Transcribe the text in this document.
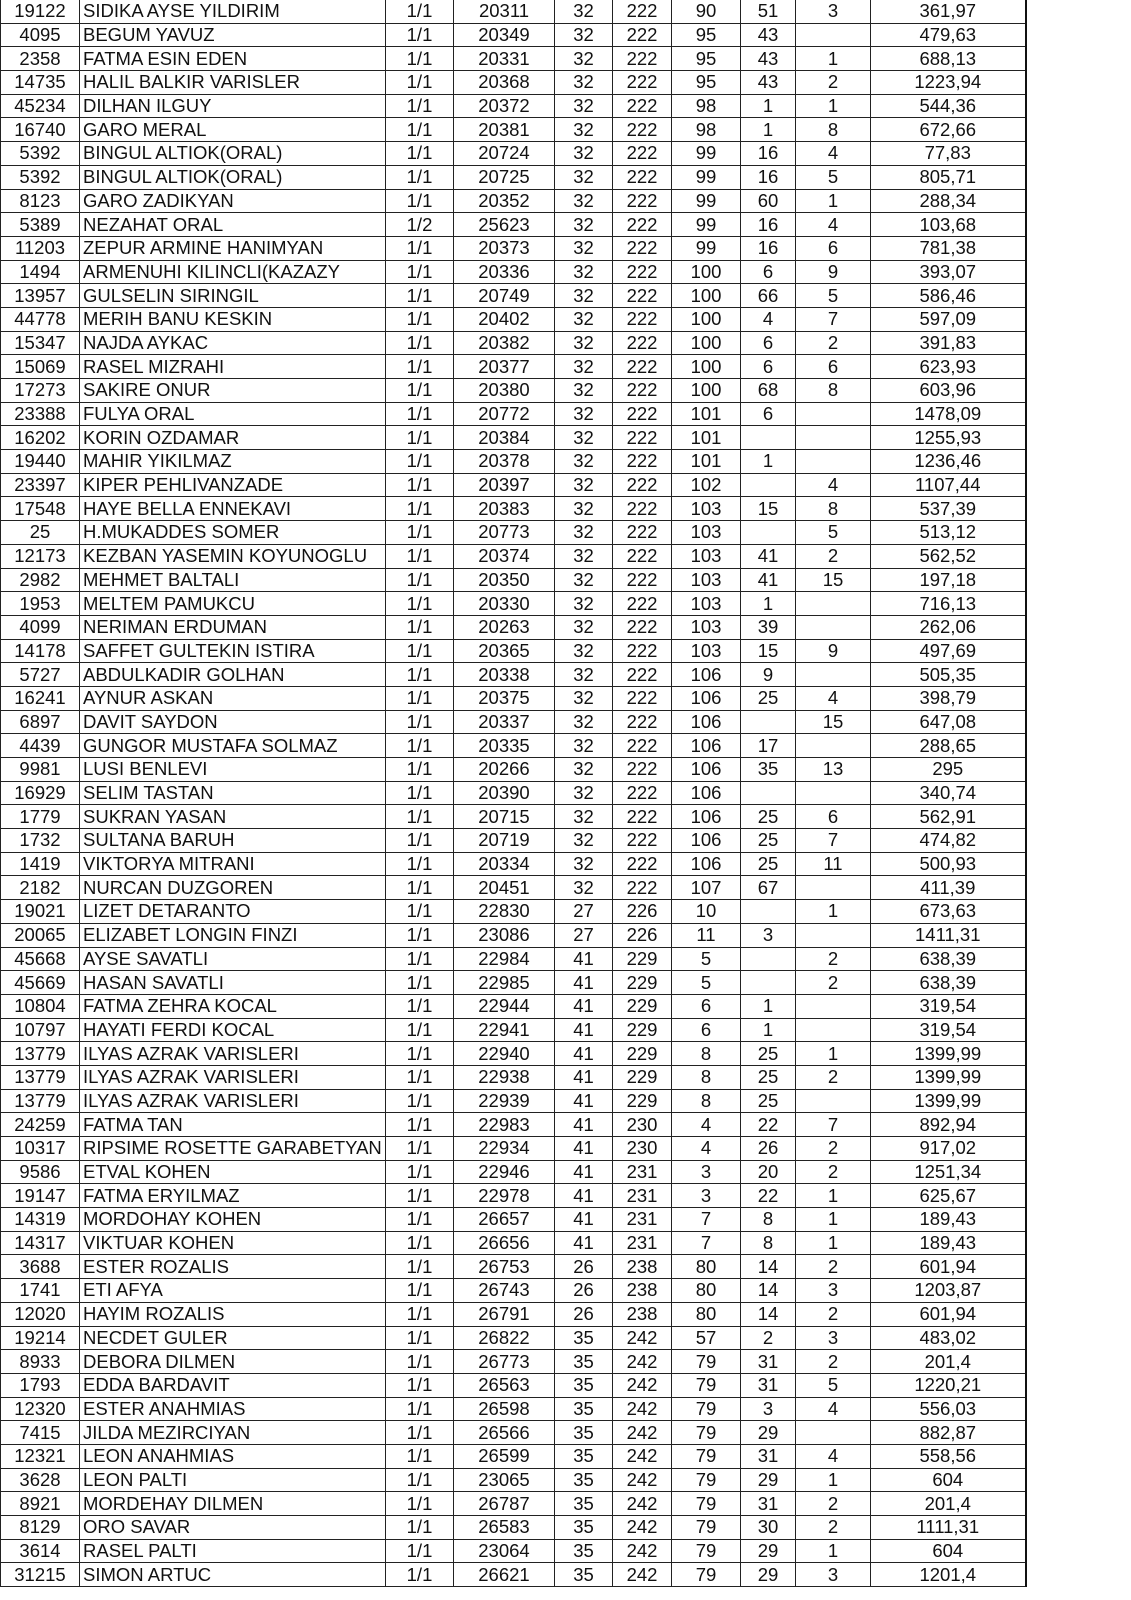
19122	SIDIKA AYSE YILDIRIM	1/1	20311	32	222	90	51	3	361,97
4095	BEGUM YAVUZ	1/1	20349	32	222	95	43		479,63
2358	FATMA ESIN EDEN	1/1	20331	32	222	95	43	1	688,13
14735	HALIL BALKIR VARISLER	1/1	20368	32	222	95	43	2	1223,94
45234	DILHAN ILGUY	1/1	20372	32	222	98	1	1	544,36
16740	GARO MERAL	1/1	20381	32	222	98	1	8	672,66
5392	BINGUL ALTIOK(ORAL)	1/1	20724	32	222	99	16	4	77,83
5392	BINGUL ALTIOK(ORAL)	1/1	20725	32	222	99	16	5	805,71
8123	GARO ZADIKYAN	1/1	20352	32	222	99	60	1	288,34
5389	NEZAHAT ORAL	1/2	25623	32	222	99	16	4	103,68
11203	ZEPUR ARMINE HANIMYAN	1/1	20373	32	222	99	16	6	781,38
1494	ARMENUHI KILINCLI(KAZAZY	1/1	20336	32	222	100	6	9	393,07
13957	GULSELIN SIRINGIL	1/1	20749	32	222	100	66	5	586,46
44778	MERIH BANU KESKIN	1/1	20402	32	222	100	4	7	597,09
15347	NAJDA AYKAC	1/1	20382	32	222	100	6	2	391,83
15069	RASEL MIZRAHI	1/1	20377	32	222	100	6	6	623,93
17273	SAKIRE ONUR	1/1	20380	32	222	100	68	8	603,96
23388	FULYA ORAL	1/1	20772	32	222	101	6		1478,09
16202	KORIN OZDAMAR	1/1	20384	32	222	101			1255,93
19440	MAHIR YIKILMAZ	1/1	20378	32	222	101	1		1236,46
23397	KIPER PEHLIVANZADE	1/1	20397	32	222	102		4	1107,44
17548	HAYE BELLA ENNEKAVI	1/1	20383	32	222	103	15	8	537,39
25	H.MUKADDES SOMER	1/1	20773	32	222	103		5	513,12
12173	KEZBAN YASEMIN KOYUNOGLU	1/1	20374	32	222	103	41	2	562,52
2982	MEHMET BALTALI	1/1	20350	32	222	103	41	15	197,18
1953	MELTEM PAMUKCU	1/1	20330	32	222	103	1		716,13
4099	NERIMAN ERDUMAN	1/1	20263	32	222	103	39		262,06
14178	SAFFET GULTEKIN ISTIRA	1/1	20365	32	222	103	15	9	497,69
5727	ABDULKADIR GOLHAN	1/1	20338	32	222	106	9		505,35
16241	AYNUR ASKAN	1/1	20375	32	222	106	25	4	398,79
6897	DAVIT SAYDON	1/1	20337	32	222	106		15	647,08
4439	GUNGOR MUSTAFA SOLMAZ	1/1	20335	32	222	106	17		288,65
9981	LUSI BENLEVI	1/1	20266	32	222	106	35	13	295
16929	SELIM TASTAN	1/1	20390	32	222	106			340,74
1779	SUKRAN YASAN	1/1	20715	32	222	106	25	6	562,91
1732	SULTANA BARUH	1/1	20719	32	222	106	25	7	474,82
1419	VIKTORYA MITRANI	1/1	20334	32	222	106	25	11	500,93
2182	NURCAN DUZGOREN	1/1	20451	32	222	107	67		411,39
19021	LIZET DETARANTO	1/1	22830	27	226	10		1	673,63
20065	ELIZABET LONGIN FINZI	1/1	23086	27	226	11	3		1411,31
45668	AYSE SAVATLI	1/1	22984	41	229	5		2	638,39
45669	HASAN SAVATLI	1/1	22985	41	229	5		2	638,39
10804	FATMA ZEHRA KOCAL	1/1	22944	41	229	6	1		319,54
10797	HAYATI FERDI KOCAL	1/1	22941	41	229	6	1		319,54
13779	ILYAS AZRAK VARISLERI	1/1	22940	41	229	8	25	1	1399,99
13779	ILYAS AZRAK VARISLERI	1/1	22938	41	229	8	25	2	1399,99
13779	ILYAS AZRAK VARISLERI	1/1	22939	41	229	8	25		1399,99
24259	FATMA TAN	1/1	22983	41	230	4	22	7	892,94
10317	RIPSIME ROSETTE GARABETYAN	1/1	22934	41	230	4	26	2	917,02
9586	ETVAL KOHEN	1/1	22946	41	231	3	20	2	1251,34
19147	FATMA ERYILMAZ	1/1	22978	41	231	3	22	1	625,67
14319	MORDOHAY KOHEN	1/1	26657	41	231	7	8	1	189,43
14317	VIKTUAR KOHEN	1/1	26656	41	231	7	8	1	189,43
3688	ESTER ROZALIS	1/1	26753	26	238	80	14	2	601,94
1741	ETI AFYA	1/1	26743	26	238	80	14	3	1203,87
12020	HAYIM ROZALIS	1/1	26791	26	238	80	14	2	601,94
19214	NECDET GULER	1/1	26822	35	242	57	2	3	483,02
8933	DEBORA DILMEN	1/1	26773	35	242	79	31	2	201,4
1793	EDDA BARDAVIT	1/1	26563	35	242	79	31	5	1220,21
12320	ESTER ANAHMIAS	1/1	26598	35	242	79	3	4	556,03
7415	JILDA MEZIRCIYAN	1/1	26566	35	242	79	29		882,87
12321	LEON ANAHMIAS	1/1	26599	35	242	79	31	4	558,56
3628	LEON PALTI	1/1	23065	35	242	79	29	1	604
8921	MORDEHAY DILMEN	1/1	26787	35	242	79	31	2	201,4
8129	ORO SAVAR	1/1	26583	35	242	79	30	2	1111,31
3614	RASEL PALTI	1/1	23064	35	242	79	29	1	604
31215	SIMON ARTUC	1/1	26621	35	242	79	29	3	1201,4
